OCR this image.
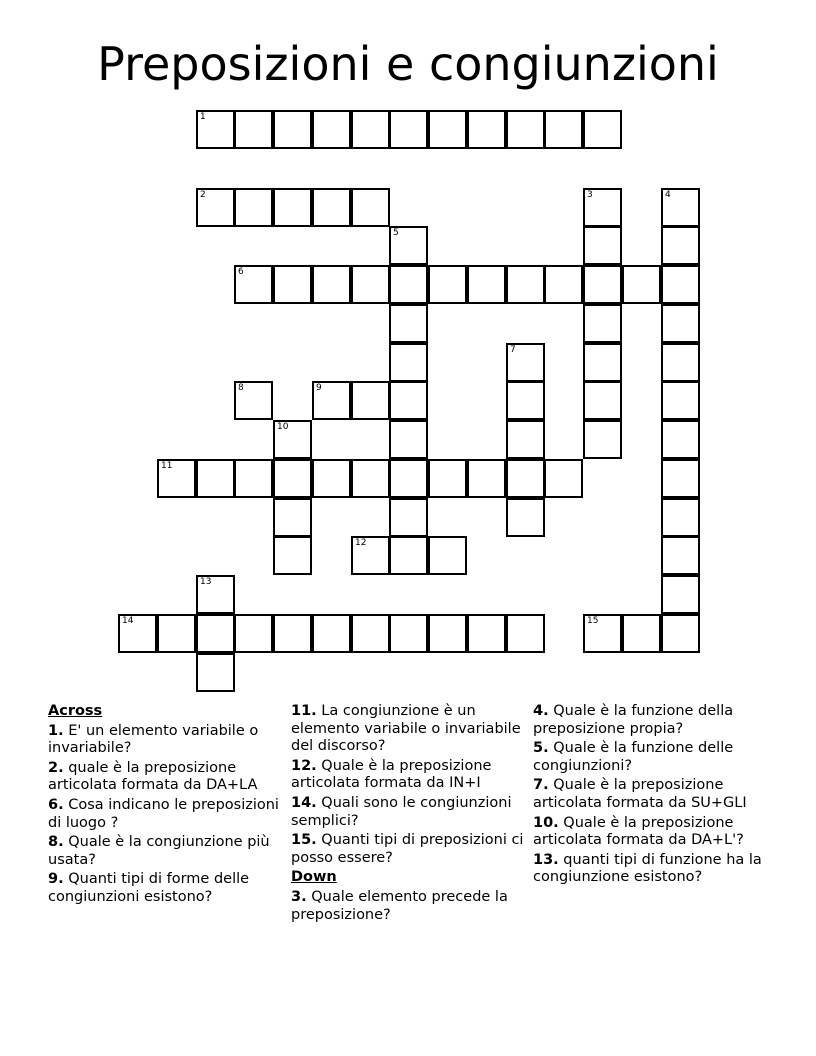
Preposizioni e congiunzioni
1
2	3	4
5
6
7
8	9
10
11
12
13
14	15
Across
1. E' un elemento variabile o invariabile?
2. quale è la preposizione articolata formata da DA+LA
6. Cosa indicano le preposizioni di luogo ?
8. Quale è la congiunzione più usata?
9. Quanti tipi di forme delle congiunzioni esistono?
11. La congiunzione è un elemento variabile o invariabile del discorso?
12. Quale è la preposizione articolata formata da IN+I
14. Quali sono le congiunzioni semplici?
15. Quanti tipi di preposizioni ci posso essere?
Down
3. Quale elemento precede la preposizione?
4. Quale è la funzione della preposizione propia?
5. Quale è la funzione delle congiunzioni?
7. Quale è la preposizione articolata formata da SU+GLI
10. Quale è la preposizione articolata formata da DA+L'?
13. quanti tipi di funzione ha la congiunzione esistono?
